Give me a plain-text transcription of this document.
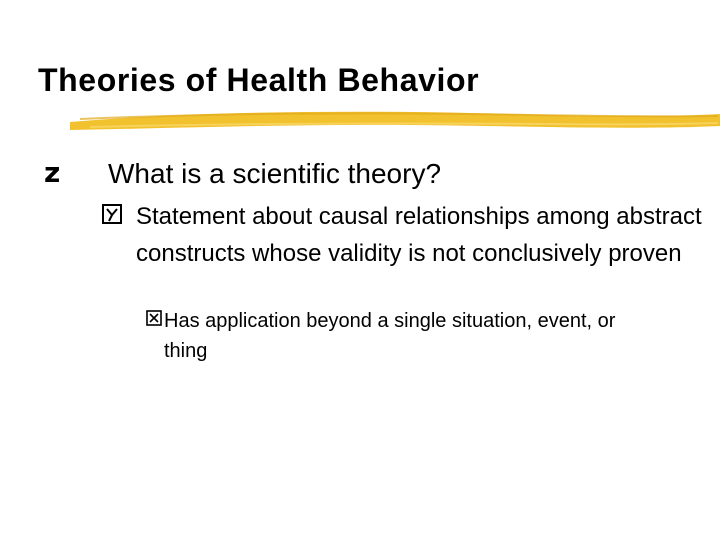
Theories of Health Behavior
z What is a scientific theory?
Statement about causal relationships among abstract constructs whose validity is not conclusively proven
Has application beyond a single situation, event, or thing
